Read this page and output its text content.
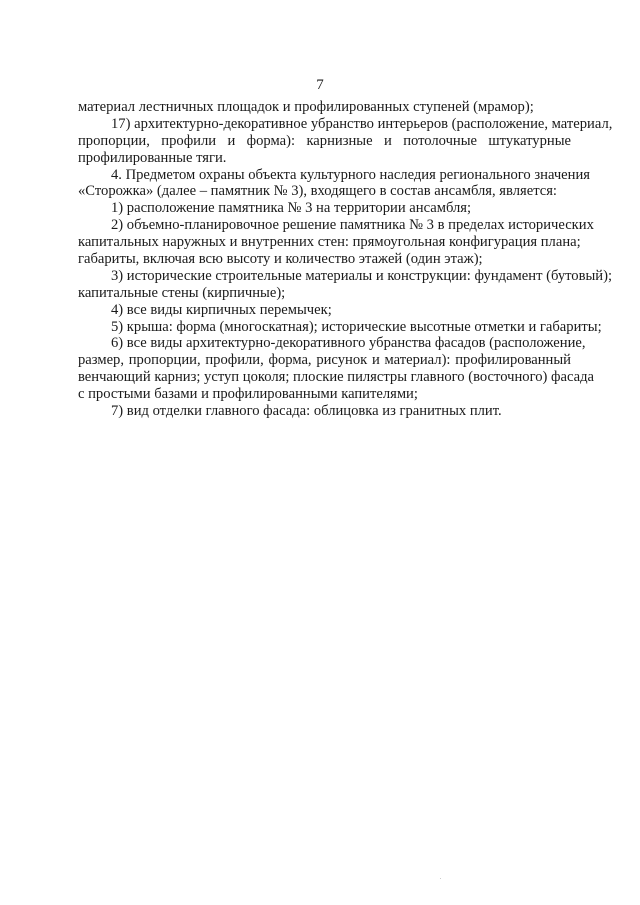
7
материал лестничных площадок и профилированных ступеней (мрамор);
17) архитектурно-декоративное убранство интерьеров (расположение, материал,
пропорции, профили и форма): карнизные и потолочные штукатурные
профилированные тяги.
4. Предметом охраны объекта культурного наследия регионального значения
«Сторожка» (далее – памятник № 3), входящего в состав ансамбля, является:
1) расположение памятника № 3 на территории ансамбля;
2) объемно-планировочное решение памятника № 3 в пределах исторических
капитальных наружных и внутренних стен: прямоугольная конфигурация плана;
габариты, включая всю высоту и количество этажей (один этаж);
3) исторические строительные материалы и конструкции: фундамент (бутовый);
капитальные стены (кирпичные);
4) все виды кирпичных перемычек;
5) крыша: форма (многоскатная); исторические высотные отметки и габариты;
6) все виды архитектурно-декоративного убранства фасадов (расположение,
размер, пропорции, профили, форма, рисунок и материал): профилированный
венчающий карниз; уступ цоколя; плоские пилястры главного (восточного) фасада
с простыми базами и профилированными капителями;
7) вид отделки главного фасада: облицовка из гранитных плит.
